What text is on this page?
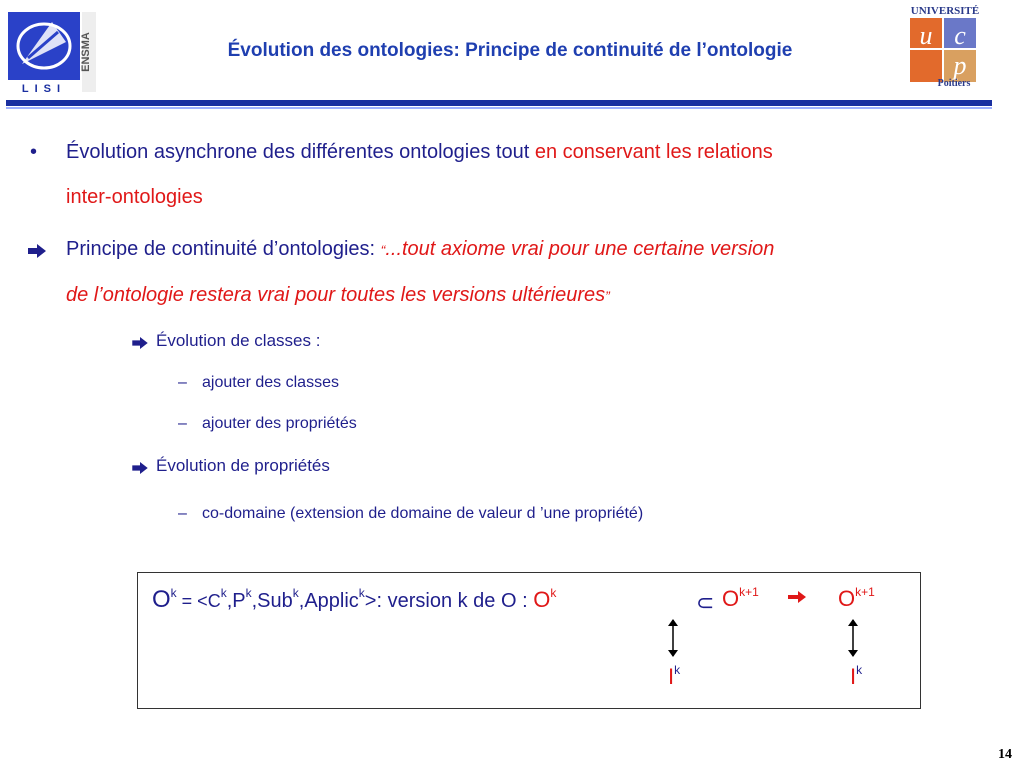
ENSMA
LISI
Évolution des ontologies: Principe de continuité de l’ontologie
UNIVERSITÉ
u c
p
Poitiers
• Évolution asynchrone des différentes ontologies tout en conservant les relations
inter-ontologies
Principe de continuité d’ontologies: “...tout axiome vrai pour une certaine version
de l’ontologie restera vrai pour toutes les versions ultérieures”
Évolution de classes :
– ajouter des classes
– ajouter des propriétés
Évolution de propriétés
– co-domaine (extension de domaine de valeur d ’une propriété)
$O^k$ = $<C^k,P^k,Sub^k,Applic^k>$: version k de O : $O^k$	⊂ $O^{k+1}$	$O^{k+1}$
$I^k$	$I^k$
14
